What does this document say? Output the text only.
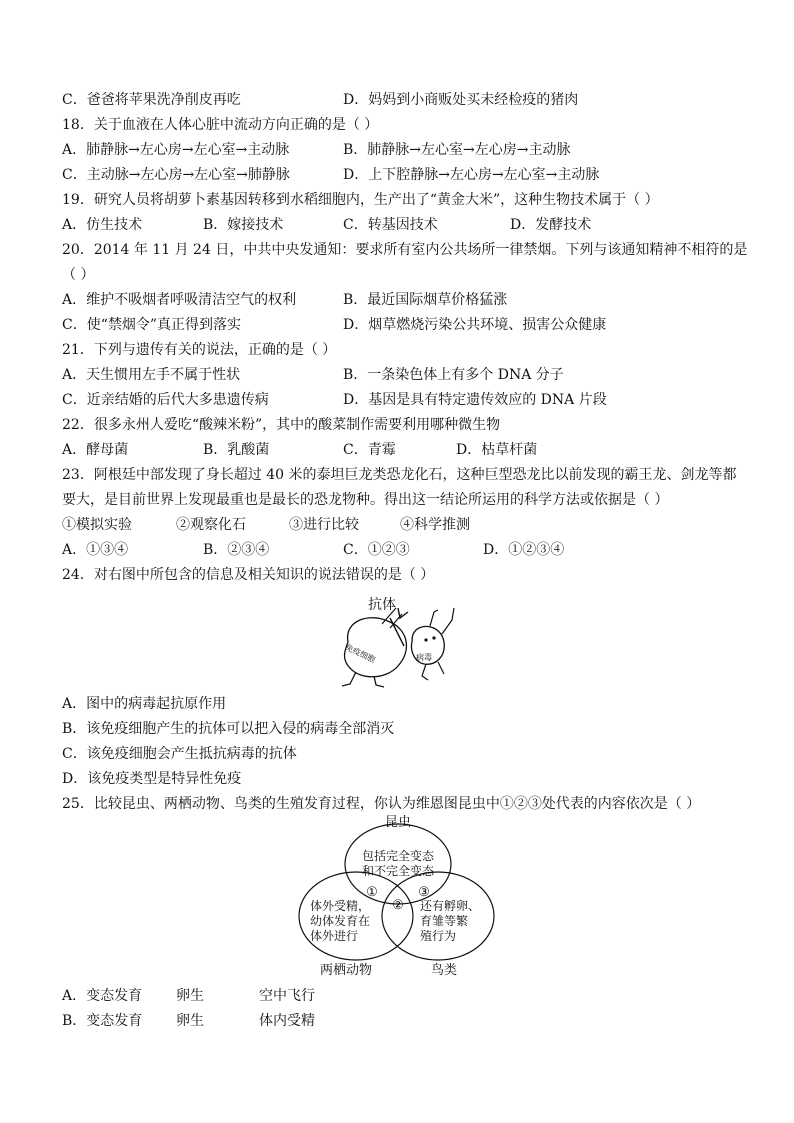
C．爸爸将苹果洗净削皮再吃	D．妈妈到小商贩处买未经检疫的猪肉
18．关于血液在人体心脏中流动方向正确的是（ ）
A．肺静脉→左心房→左心室→主动脉	B．肺静脉→左心室→左心房→主动脉
C．主动脉→左心房→左心室→肺静脉	D．上下腔静脉→左心房→左心室→主动脉
19．研究人员将胡萝卜素基因转移到水稻细胞内，生产出了“黄金大米”，这种生物技术属于（ ）
A．仿生技术	B．嫁接技术	C．转基因技术	D．发酵技术
20．2014 年 11 月 24 日，中共中央发通知：要求所有室内公共场所一律禁烟。下列与该通知精神不相符的是
（ ）
A．维护不吸烟者呼吸清洁空气的权利	B．最近国际烟草价格猛涨
C．使“禁烟令”真正得到落实	D．烟草燃烧污染公共环境、损害公众健康
21．下列与遗传有关的说法，正确的是（ ）
A．天生惯用左手不属于性状	B．一条染色体上有多个 DNA 分子
C．近亲结婚的后代大多患遗传病	D．基因是具有特定遗传效应的 DNA 片段
22．很多永州人爱吃“酸辣米粉”，其中的酸菜制作需要利用哪种微生物
A．酵母菌	B．乳酸菌	C．青霉	D．枯草杆菌
23．阿根廷中部发现了身长超过 40 米的泰坦巨龙类恐龙化石，这种巨型恐龙比以前发现的霸王龙、剑龙等都
要大，是目前世界上发现最重也是最长的恐龙物种。得出这一结论所运用的科学方法或依据是（ ）
①模拟实验	②观察化石	③进行比较	④科学推测
A．①③④	B．②③④	C．①②③	D．①②③④
24．对右图中所包含的信息及相关知识的说法错误的是（ ）
抗体
免疫细胞	病毒
A．图中的病毒起抗原作用
B．该免疫细胞产生的抗体可以把入侵的病毒全部消灭
C．该免疫细胞会产生抵抗病毒的抗体
D．该免疫类型是特异性免疫
25．比较昆虫、两栖动物、鸟类的生殖发育过程，你认为维恩图昆虫中①②③处代表的内容依次是（ ）
昆虫
包括完全变态
和不完全变态
①
②
③
体外受精，
幼体发育在
体外进行
还有孵卵、
育雏等繁
殖行为
两栖动物	鸟类
A．变态发育 卵生	空中飞行
B．变态发育 卵生	体内受精
